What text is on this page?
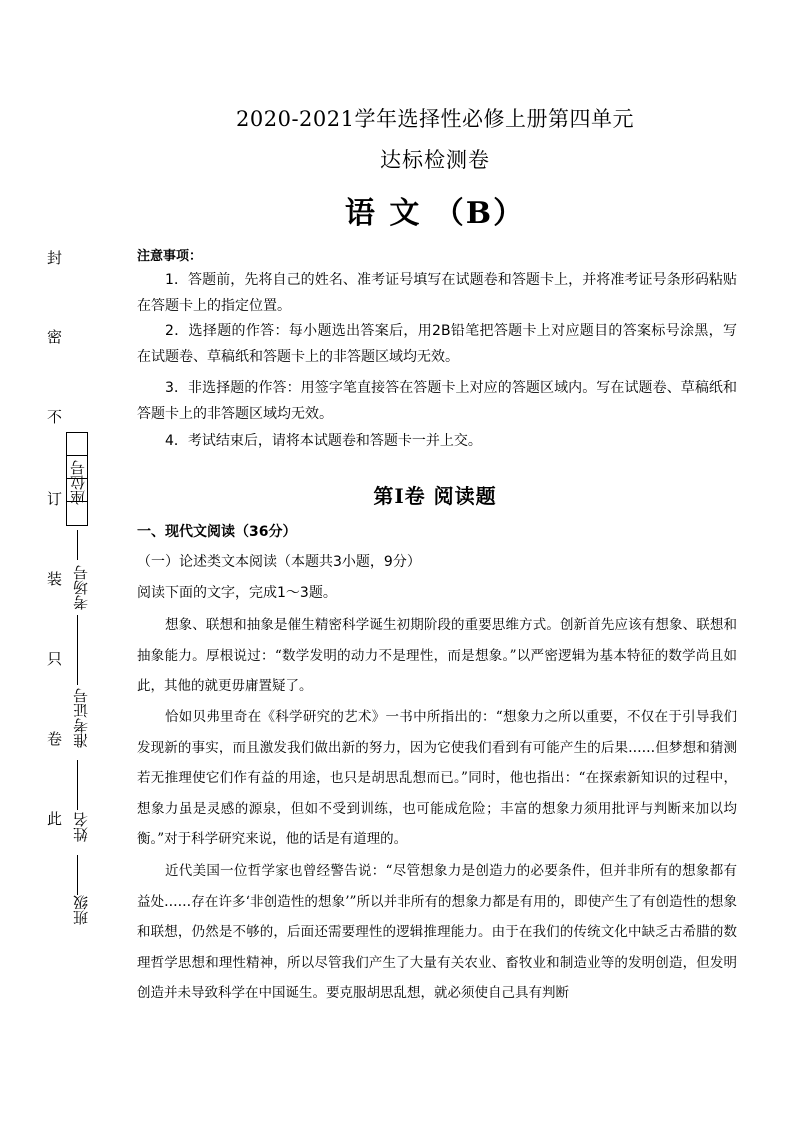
封
密
不
订
装
只
卷
此
座位号
考场号
准考证号
姓名
班级
2020-2021学年选择性必修上册第四单元
达标检测卷
语 文 （B）
注意事项：
1．答题前，先将自己的姓名、准考证号填写在试题卷和答题卡上，并将准考证号条形码粘贴在答题卡上的指定位置。
2．选择题的作答：每小题选出答案后，用2B铅笔把答题卡上对应题目的答案标号涂黑，写在试题卷、草稿纸和答题卡上的非答题区域均无效。
3．非选择题的作答：用签字笔直接答在答题卡上对应的答题区域内。写在试题卷、草稿纸和答题卡上的非答题区域均无效。
4．考试结束后，请将本试题卷和答题卡一并上交。
第Ⅰ卷 阅读题
一、现代文阅读（36分）
（一）论述类文本阅读（本题共3小题，9分）
阅读下面的文字，完成1～3题。
想象、联想和抽象是催生精密科学诞生初期阶段的重要思维方式。创新首先应该有想象、联想和抽象能力。厚根说过：“数学发明的动力不是理性，而是想象。”以严密逻辑为基本特征的数学尚且如此，其他的就更毋庸置疑了。
恰如贝弗里奇在《科学研究的艺术》一书中所指出的：“想象力之所以重要，不仅在于引导我们发现新的事实，而且激发我们做出新的努力，因为它使我们看到有可能产生的后果……但梦想和猜测若无推理使它们作有益的用途，也只是胡思乱想而已。”同时，他也指出：“在探索新知识的过程中，想象力虽是灵感的源泉，但如不受到训练，也可能成危险；丰富的想象力须用批评与判断来加以均衡。”对于科学研究来说，他的话是有道理的。
近代美国一位哲学家也曾经警告说：“尽管想象力是创造力的必要条件，但并非所有的想象都有益处……存在许多‘非创造性的想象’”所以并非所有的想象力都是有用的，即使产生了有创造性的想象和联想，仍然是不够的，后面还需要理性的逻辑推理能力。由于在我们的传统文化中缺乏古希腊的数理哲学思想和理性精神，所以尽管我们产生了大量有关农业、畜牧业和制造业等的发明创造，但发明创造并未导致科学在中国诞生。要克服胡思乱想，就必须使自己具有判断
